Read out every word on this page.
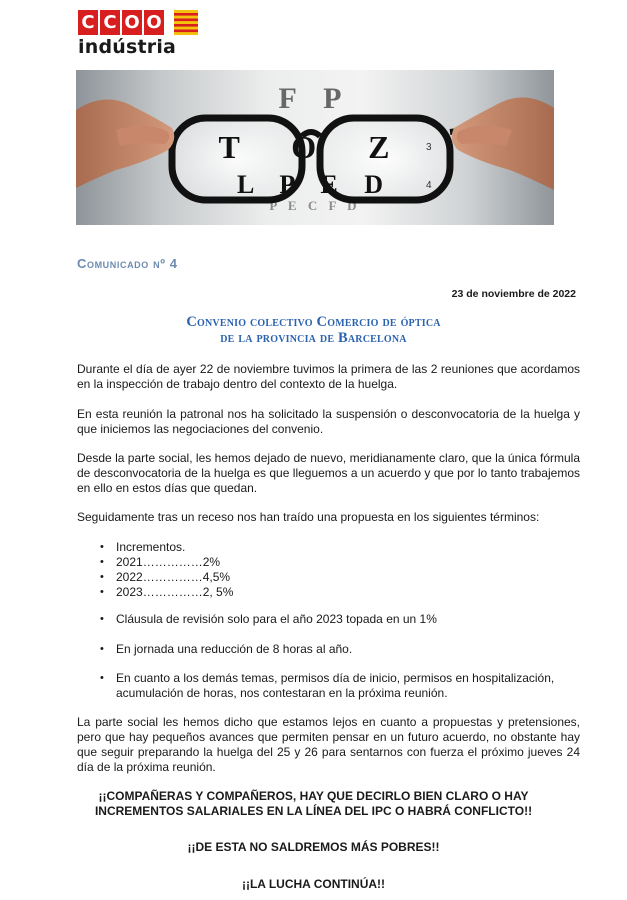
C C O O
indústria
F P
P E C F D
T O Z
L P E D
3
4
Comunicado nº 4
23 de noviembre de 2022
Convenio colectivo Comercio de óptica
de la provincia de Barcelona

Durante el día de ayer 22 de noviembre tuvimos la primera de las 2 reuniones que acordamos en la inspección de trabajo dentro del contexto de la huelga.

En esta reunión la patronal nos ha solicitado la suspensión o desconvocatoria de la huelga y que iniciemos las negociaciones del convenio.

Desde la parte social, les hemos dejado de nuevo, meridianamente claro, que la única fórmula de desconvocatoria de la huelga es que lleguemos a un acuerdo y que por lo tanto trabajemos en ello en estos días que quedan.

Seguidamente tras un receso nos han traído una propuesta en los siguientes términos:

• Incrementos.
• 2021……………2%
• 2022……………4,5%
• 2023……………2, 5%
• Cláusula de revisión solo para el año 2023 topada en un 1%
• En jornada una reducción de 8 horas al año.
• En cuanto a los demás temas, permisos día de inicio, permisos en hospitalización, acumulación de horas, nos contestaran en la próxima reunión.

La parte social les hemos dicho que estamos lejos en cuanto a propuestas y pretensiones, pero que hay pequeños avances que permiten pensar en un futuro acuerdo, no obstante hay que seguir preparando la huelga del 25 y 26 para sentarnos con fuerza el próximo jueves 24 día de la próxima reunión.

¡¡COMPAÑERAS Y COMPAÑEROS, HAY QUE DECIRLO BIEN CLARO O HAY
INCREMENTOS SALARIALES EN LA LÍNEA DEL IPC O HABRÁ CONFLICTO!!
¡¡DE ESTA NO SALDREMOS MÁS POBRES!!
¡¡LA LUCHA CONTINÚA!!
